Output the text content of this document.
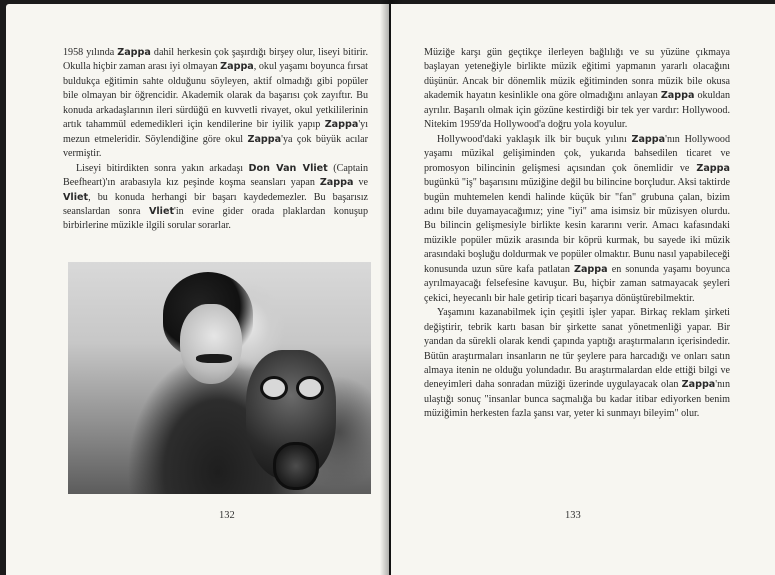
1958 yılında Zappa dahil herkesin çok şaşırdığı birşey olur, liseyi bitirir. Okulla hiçbir zaman arası iyi olmayan Zappa, okul yaşamı boyunca fırsat buldukça eğitimin sahte olduğunu söyleyen, aktif olmadığı gibi popüler bile olmayan bir öğrencidir. Akademik olarak da başarısı çok zayıftır. Bu konuda arkadaşlarının ileri sürdüğü en kuvvetli rivayet, okul yetkililerinin artık tahammül edemedikleri için kendilerine bir iyilik yapıp Zappa'yı mezun etmeleridir. Söylendiğine göre okul Zappa'ya çok büyük acılar vermiştir.

Liseyi bitirdikten sonra yakın arkadaşı Don Van Vliet (Captain Beefheart)'ın arabasıyla kız peşinde koşma seansları yapan Zappa ve Vliet, bu konuda herhangi bir başarı kaydedemezler. Bu başarısız seanslardan sonra Vliet'in evine gider orada plaklardan konuşup birbirlerine müzikle ilgili sorular sorarlar.

132

Müziğe karşı gün geçtikçe ilerleyen bağlılığı ve su yüzüne çıkmaya başlayan yeteneğiyle birlikte müzik eğitimi yapmanın yararlı olacağını düşünür. Ancak bir dönemlik müzik eğitiminden sonra müzik bile okusa akademik hayatın kesinlikle ona göre olmadığını anlayan Zappa okuldan ayrılır. Başarılı olmak için gözüne kestirdiği bir tek yer vardır: Hollywood. Nitekim 1959'da Hollywood'a doğru yola koyulur.

Hollywood'daki yaklaşık ilk bir buçuk yılını Zappa'nın Hollywood yaşamı müzikal gelişiminden çok, yukarıda bahsedilen ticaret ve promosyon bilincinin gelişmesi açısından çok önemlidir ve Zappa bugünkü "iş" başarısını müziğine değil bu bilincine borçludur. Aksi taktirde bugün muhtemelen kendi halinde küçük bir "fan" grubuna çalan, bizim adını bile duyamayacağımız; yine "iyi" ama isimsiz bir müzisyen olurdu. Bu bilincin gelişmesiyle birlikte kesin kararını verir. Amacı kafasındaki müzikle popüler müzik arasında bir köprü kurmak, bu sayede iki müzik arasındaki boşluğu doldurmak ve popüler olmaktır. Bunu nasıl yapabileceği konusunda uzun süre kafa patlatan Zappa en sonunda yaşamı boyunca ayrılmayacağı felsefesine kavuşur. Bu, hiçbir zaman satmayacak şeyleri çekici, heyecanlı bir hale getirip ticari başarıya dönüştürebilmektir.

Yaşamını kazanabilmek için çeşitli işler yapar. Birkaç reklam şirketi değiştirir, tebrik kartı basan bir şirkette sanat yönetmenliği yapar. Bir yandan da sürekli olarak kendi çapında yaptığı araştırmaların içerisindedir. Bütün araştırmaları insanların ne tür şeylere para harcadığı ve onları satın almaya itenin ne olduğu yolundadır. Bu araştırmalardan elde ettiği bilgi ve deneyimleri daha sonradan müziği üzerinde uygulayacak olan Zappa'nın ulaştığı sonuç "insanlar bunca saçmalığa bu kadar itibar ediyorken benim müziğimin herkesten fazla şansı var, yeter ki sunmayı bileyim" olur.

133
